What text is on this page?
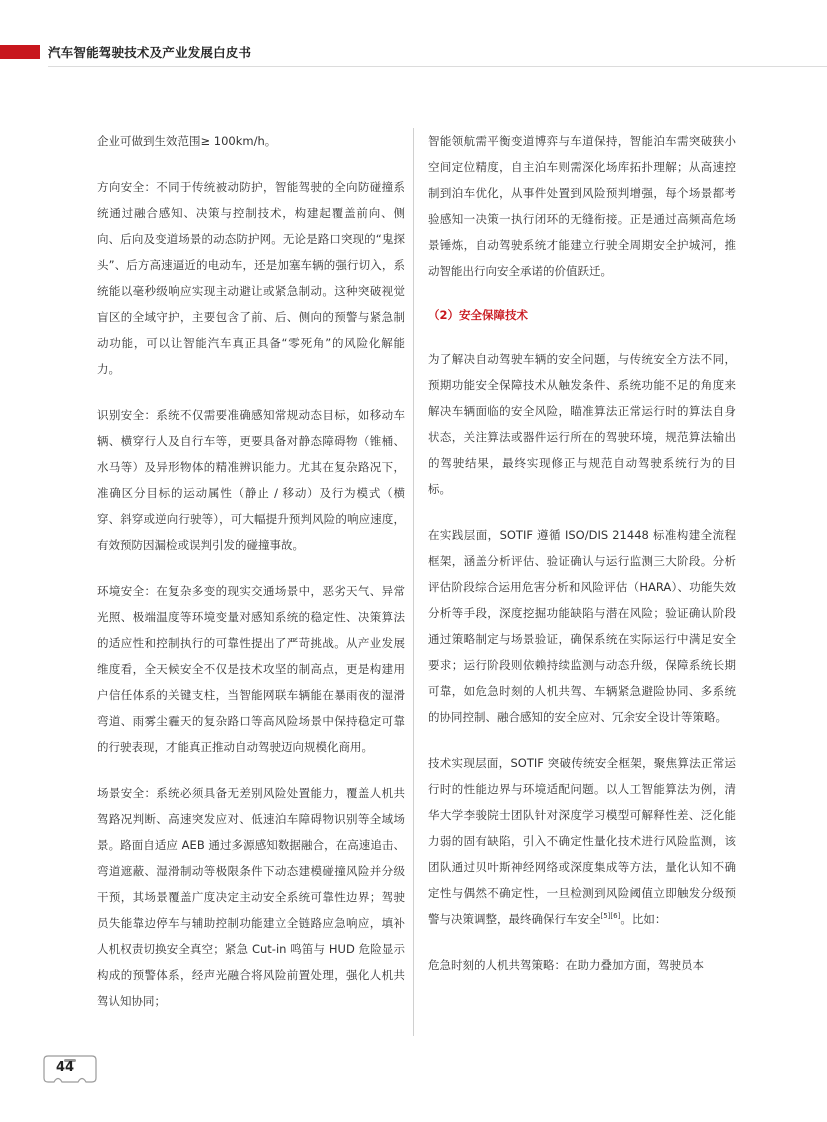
汽车智能驾驶技术及产业发展白皮书

企业可做到生效范围≥ 100km/h。

方向安全：不同于传统被动防护，智能驾驶的全向防碰撞系统通过融合感知、决策与控制技术，构建起覆盖前向、侧向、后向及变道场景的动态防护网。无论是路口突现的“鬼探头”、后方高速逼近的电动车，还是加塞车辆的强行切入，系统能以毫秒级响应实现主动避让或紧急制动。这种突破视觉盲区的全域守护，主要包含了前、后、侧向的预警与紧急制动功能，可以让智能汽车真正具备“零死角”的风险化解能力。

识别安全：系统不仅需要准确感知常规动态目标，如移动车辆、横穿行人及自行车等，更要具备对静态障碍物（锥桶、水马等）及异形物体的精准辨识能力。尤其在复杂路况下，准确区分目标的运动属性（静止 / 移动）及行为模式（横穿、斜穿或逆向行驶等），可大幅提升预判风险的响应速度，有效预防因漏检或误判引发的碰撞事故。

环境安全：在复杂多变的现实交通场景中，恶劣天气、异常光照、极端温度等环境变量对感知系统的稳定性、决策算法的适应性和控制执行的可靠性提出了严苛挑战。从产业发展维度看，全天候安全不仅是技术攻坚的制高点，更是构建用户信任体系的关键支柱，当智能网联车辆能在暴雨夜的湿滑弯道、雨雾尘霾天的复杂路口等高风险场景中保持稳定可靠的行驶表现，才能真正推动自动驾驶迈向规模化商用。

场景安全：系统必须具备无差别风险处置能力，覆盖人机共驾路况判断、高速突发应对、低速泊车障碍物识别等全域场景。路面自适应 AEB 通过多源感知数据融合，在高速追击、弯道遮蔽、湿滑制动等极限条件下动态建模碰撞风险并分级干预，其场景覆盖广度决定主动安全系统可靠性边界；驾驶员失能靠边停车与辅助控制功能建立全链路应急响应，填补人机权责切换安全真空；紧急 Cut-in 鸣笛与 HUD 危险显示构成的预警体系，经声光融合将风险前置处理，强化人机共驾认知协同；

智能领航需平衡变道博弈与车道保持，智能泊车需突破狭小空间定位精度，自主泊车则需深化场库拓扑理解；从高速控制到泊车优化，从事件处置到风险预判增强，每个场景都考验感知一决策一执行闭环的无缝衔接。正是通过高频高危场景锤炼，自动驾驶系统才能建立行驶全周期安全护城河，推动智能出行向安全承诺的价值跃迁。

（2）安全保障技术

为了解决自动驾驶车辆的安全问题，与传统安全方法不同，预期功能安全保障技术从触发条件、系统功能不足的角度来解决车辆面临的安全风险，瞄准算法正常运行时的算法自身状态，关注算法或器件运行所在的驾驶环境，规范算法输出的驾驶结果，最终实现修正与规范自动驾驶系统行为的目标。

在实践层面，SOTIF 遵循 ISO/DIS 21448 标准构建全流程框架，涵盖分析评估、验证确认与运行监测三大阶段。分析评估阶段综合运用危害分析和风险评估（HARA）、功能失效分析等手段，深度挖掘功能缺陷与潜在风险；验证确认阶段通过策略制定与场景验证，确保系统在实际运行中满足安全要求；运行阶段则依赖持续监测与动态升级，保障系统长期可靠，如危急时刻的人机共驾、车辆紧急避险协同、多系统的协同控制、融合感知的安全应对、冗余安全设计等策略。

技术实现层面，SOTIF 突破传统安全框架，聚焦算法正常运行时的性能边界与环境适配问题。以人工智能算法为例，清华大学李骏院士团队针对深度学习模型可解释性差、泛化能力弱的固有缺陷，引入不确定性量化技术进行风险监测，该团队通过贝叶斯神经网络或深度集成等方法，量化认知不确定性与偶然不确定性，一旦检测到风险阈值立即触发分级预警与决策调整，最终确保行车安全[5][6]。比如：

危急时刻的人机共驾策略：在助力叠加方面，驾驶员本

44
